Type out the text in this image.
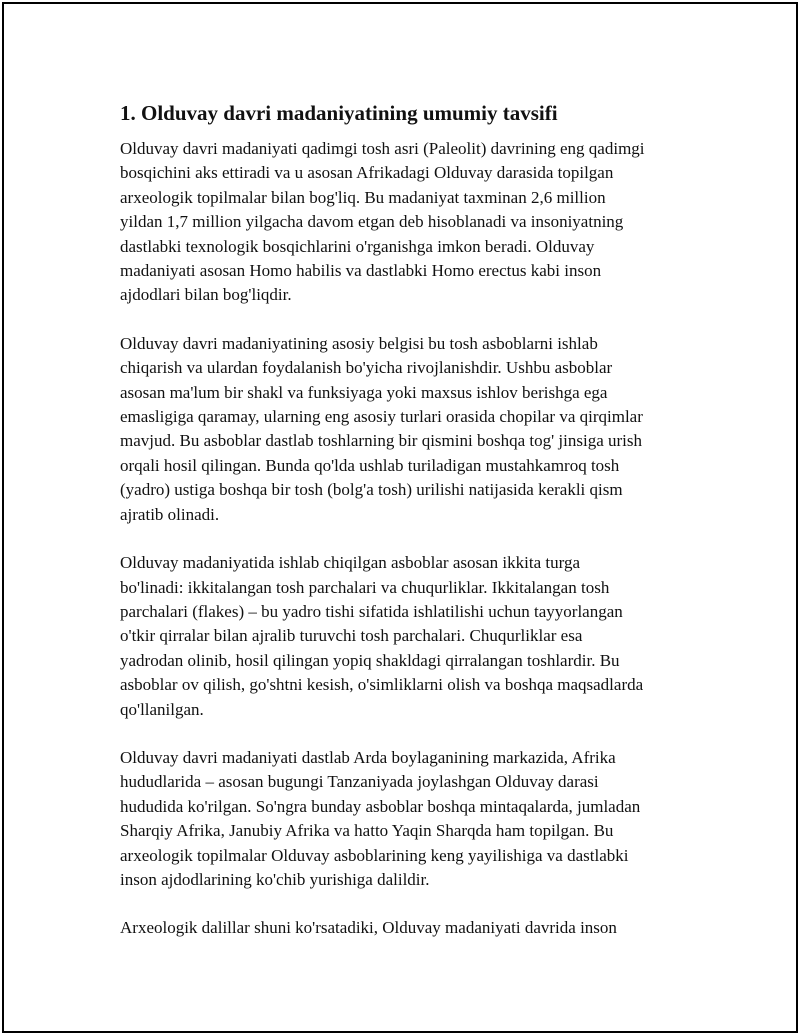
1. Olduvay davri madaniyatining umumiy tavsifi

Olduvay davri madaniyati qadimgi tosh asri (Paleolit) davrining eng qadimgi
bosqichini aks ettiradi va u asosan Afrikadagi Olduvay darasida topilgan
arxeologik topilmalar bilan bog'liq. Bu madaniyat taxminan 2,6 million
yildan 1,7 million yilgacha davom etgan deb hisoblanadi va insoniyatning
dastlabki texnologik bosqichlarini o'rganishga imkon beradi. Olduvay
madaniyati asosan Homo habilis va dastlabki Homo erectus kabi inson
ajdodlari bilan bog'liqdir.

Olduvay davri madaniyatining asosiy belgisi bu tosh asboblarni ishlab
chiqarish va ulardan foydalanish bo'yicha rivojlanishdir. Ushbu asboblar
asosan ma'lum bir shakl va funksiyaga yoki maxsus ishlov berishga ega
emasligiga qaramay, ularning eng asosiy turlari orasida chopilar va qirqimlar
mavjud. Bu asboblar dastlab toshlarning bir qismini boshqa tog' jinsiga urish
orqali hosil qilingan. Bunda qo'lda ushlab turiladigan mustahkamroq tosh
(yadro) ustiga boshqa bir tosh (bolg'a tosh) urilishi natijasida kerakli qism
ajratib olinadi.

Olduvay madaniyatida ishlab chiqilgan asboblar asosan ikkita turga
bo'linadi: ikkitalangan tosh parchalari va chuqurliklar. Ikkitalangan tosh
parchalari (flakes) – bu yadro tishi sifatida ishlatilishi uchun tayyorlangan
o'tkir qirralar bilan ajralib turuvchi tosh parchalari. Chuqurliklar esa
yadrodan olinib, hosil qilingan yopiq shakldagi qirralangan toshlardir. Bu
asboblar ov qilish, go'shtni kesish, o'simliklarni olish va boshqa maqsadlarda
qo'llanilgan.

Olduvay davri madaniyati dastlab Arda boylaganining markazida, Afrika
hududlarida – asosan bugungi Tanzaniyada joylashgan Olduvay darasi
hududida ko'rilgan. So'ngra bunday asboblar boshqa mintaqalarda, jumladan
Sharqiy Afrika, Janubiy Afrika va hatto Yaqin Sharqda ham topilgan. Bu
arxeologik topilmalar Olduvay asboblarining keng yayilishiga va dastlabki
inson ajdodlarining ko'chib yurishiga dalildir.

Arxeologik dalillar shuni ko'rsatadiki, Olduvay madaniyati davrida inson
